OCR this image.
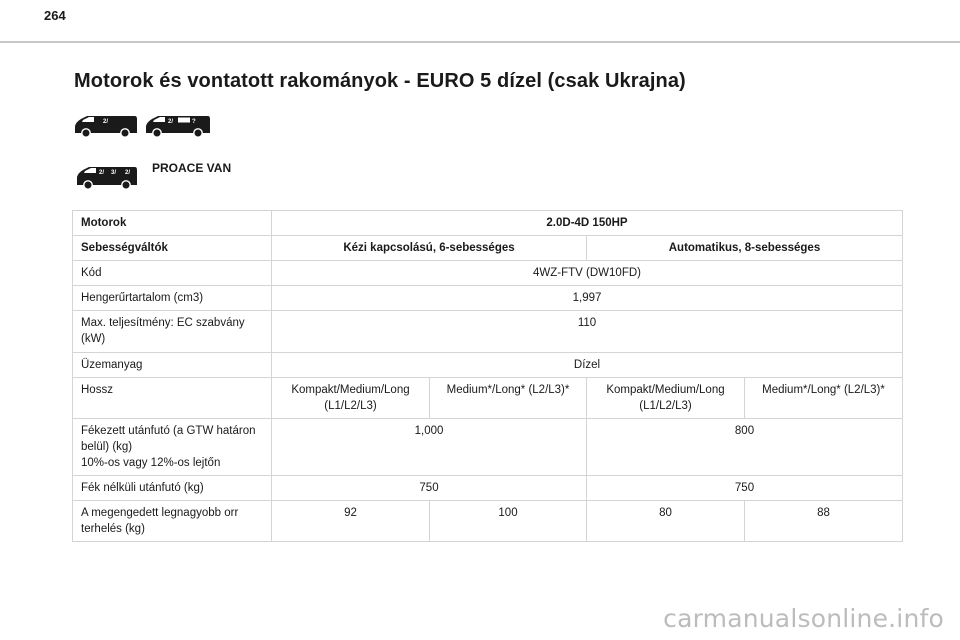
264
Motorok és vontatott rakományok - EURO 5 dízel (csak Ukrajna)
2/	2/	?
2/ 3/ 2/ PROACE VAN
Motorok	2.0D-4D 150HP			
Sebességváltók	Kézi kapcsolású, 6-sebességes		Automatikus, 8-sebességes	
Kód	4WZ-FTV (DW10FD)			
Hengerűrtartalom (cm3)	1,997			
Max. teljesítmény: EC szabvány (kW)	110			
Üzemanyag	Dízel			
Hossz	Kompakt/Medium/Long (L1/L2/L3)	Medium*/Long* (L2/L3)*	Kompakt/Medium/Long (L1/L2/L3)	Medium*/Long* (L2/L3)*

Fékezett utánfutó (a GTW határon belül) (kg)
10%-os vagy 12%-os lejtőn	1,000		800	
Fék nélküli utánfutó (kg)	750		750	
A megengedett legnagyobb orr terhelés (kg)	92	100	80	88
carmanualsonline.info
